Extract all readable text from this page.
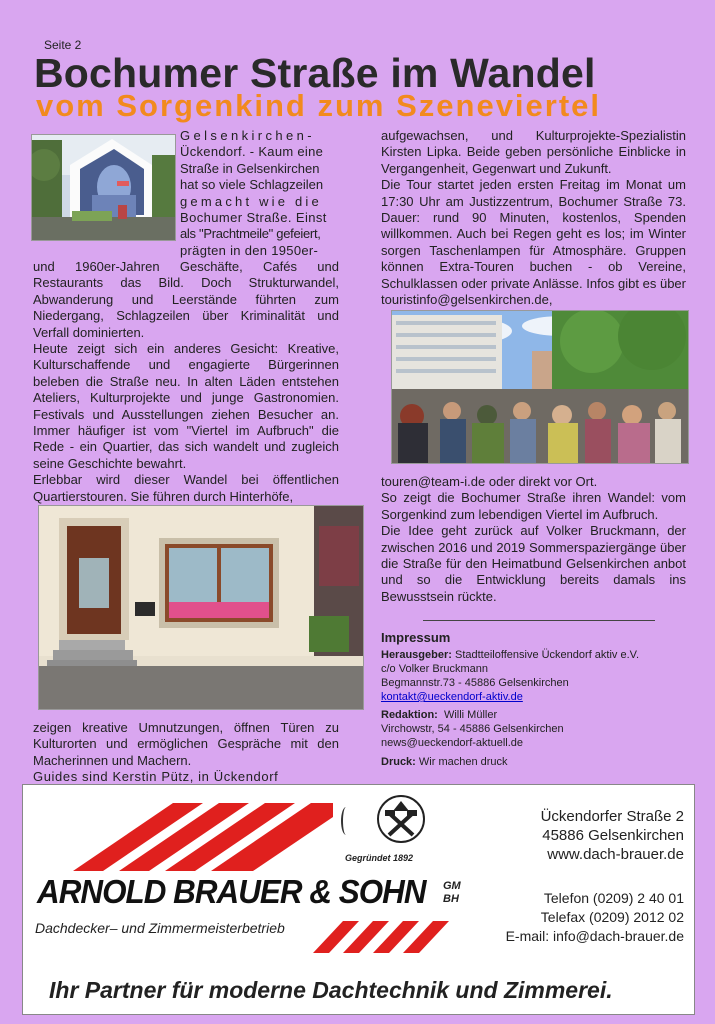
Seite 2
Bochumer Straße im Wandel
vom Sorgenkind zum Szeneviertel
Gelsenkirchen-
Ückendorf. - Kaum eine
Straße in Gelsenkirchen
hat so viele Schlagzeilen
gemacht wie die
Bochumer Straße. Einst
als "Prachtmeile" gefeiert,
prägten in den 1950er-
und 1960er-Jahren Geschäfte, Cafés und Restaurants das Bild. Doch Strukturwandel, Abwanderung und Leerstände führten zum Niedergang, Schlagzeilen über Kriminalität und Verfall dominierten.
Heute zeigt sich ein anderes Gesicht: Kreative, Kulturschaffende und engagierte Bürgerinnen beleben die Straße neu. In alten Läden entstehen Ateliers, Kulturprojekte und junge Gastronomien. Festivals und Ausstellungen ziehen Besucher an. Immer häufiger ist vom "Viertel im Aufbruch" die Rede - ein Quartier, das sich wandelt und zugleich seine Geschichte bewahrt.
Erlebbar wird dieser Wandel bei öffentlichen Quartierstouren. Sie führen durch Hinterhöfe,
zeigen kreative Umnutzungen, öffnen Türen zu Kulturorten und ermöglichen Gespräche mit den Macherinnen und Machern.
Guides sind Kerstin Pütz, in Ückendorf
aufgewachsen, und Kulturprojekte-Spezialistin Kirsten Lipka. Beide geben persönliche Einblicke in Vergangenheit, Gegenwart und Zukunft.
Die Tour startet jeden ersten Freitag im Monat um 17:30 Uhr am Justizzentrum, Bochumer Straße 73. Dauer: rund 90 Minuten, kostenlos, Spenden willkommen. Auch bei Regen geht es los; im Winter sorgen Taschenlampen für Atmosphäre. Gruppen können Extra-Touren buchen - ob Vereine, Schulklassen oder private Anlässe. Infos gibt es über touristinfo@gelsenkirchen.de,
touren@team-i.de oder direkt vor Ort.
So zeigt die Bochumer Straße ihren Wandel: vom Sorgenkind zum lebendigen Viertel im Aufbruch.
Die Idee geht zurück auf Volker Bruckmann, der zwischen 2016 und 2019 Sommerspaziergänge über die Straße für den Heimatbund Gelsenkirchen anbot und so die Entwicklung bereits damals ins Bewusstsein rückte.
Impressum
Herausgeber: Stadtteiloffensive Ückendorf aktiv e.V.
c/o Volker Bruckmann
Begmannstr.73 - 45886 Gelsenkirchen
kontakt@ueckendorf-aktiv.de
Redaktion: Willi Müller
Virchowstr, 54 - 45886 Gelsenkirchen
news@ueckendorf-aktuell.de
Druck: Wir machen druck
Gegründet 1892
ARNOLD BRAUER & SOHN GM BH
Dachdecker– und Zimmermeisterbetrieb
Ückendorfer Straße 2
45886 Gelsenkirchen
www.dach-brauer.de
Telefon (0209) 2 40 01
Telefax (0209) 2012 02
E-mail: info@dach-brauer.de
Ihr Partner für moderne Dachtechnik und Zimmerei.
